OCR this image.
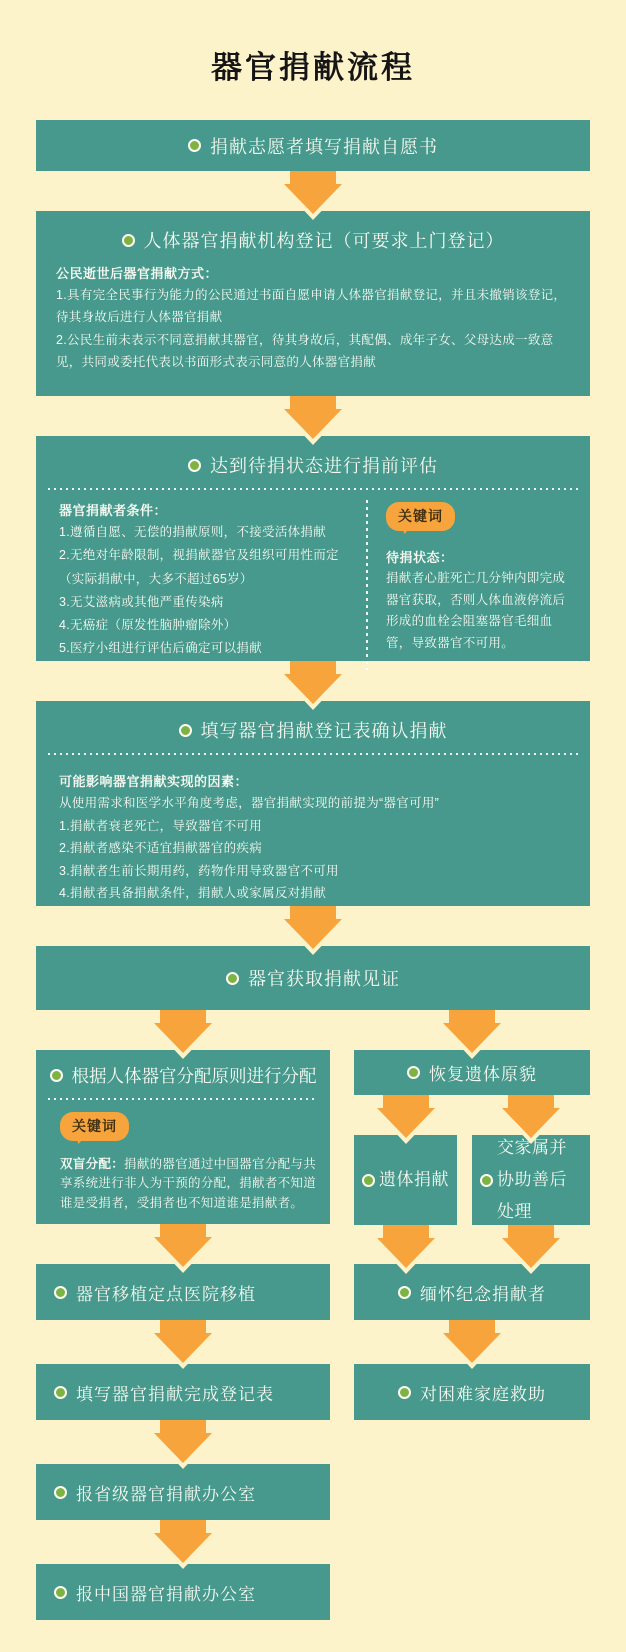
器官捐献流程
捐献志愿者填写捐献自愿书
人体器官捐献机构登记（可要求上门登记）

公民逝世后器官捐献方式：

1.具有完全民事行为能力的公民通过书面自愿申请人体器官捐献登记，并且未撤销该登记，待其身故后进行人体器官捐献

2.公民生前未表示不同意捐献其器官，待其身故后，其配偶、成年子女、父母达成一致意见，共同或委托代表以书面形式表示同意的人体器官捐献

达到待捐状态进行捐前评估

器官捐献者条件：

1.遵循自愿、无偿的捐献原则，不接受活体捐献

2.无绝对年龄限制，视捐献器官及组织可用性而定

（实际捐献中，大多不超过65岁）

3.无艾滋病或其他严重传染病

4.无癌症（原发性脑肿瘤除外）

5.医疗小组进行评估后确定可以捐献

关键词

待捐状态：

捐献者心脏死亡几分钟内即完成器官获取，否则人体血液停流后形成的血栓会阻塞器官毛细血管，导致器官不可用。

填写器官捐献登记表确认捐献

可能影响器官捐献实现的因素：

从使用需求和医学水平角度考虑，器官捐献实现的前提为“器官可用”

1.捐献者衰老死亡，导致器官不可用

2.捐献者感染不适宜捐献器官的疾病

3.捐献者生前长期用药，药物作用导致器官不可用

4.捐献者具备捐献条件，捐献人或家属反对捐献

器官获取捐献见证
根据人体器官分配原则进行分配
关键词

双盲分配：捐献的器官通过中国器官分配与共享系统进行非人为干预的分配，捐献者不知道谁是受捐者，受捐者也不知道谁是捐献者。

器官移植定点医院移植
填写器官捐献完成登记表
报省级器官捐献办公室
报中国器官捐献办公室
恢复遗体原貌
遗体捐献
交家属并协助善后处理
缅怀纪念捐献者
对困难家庭救助
